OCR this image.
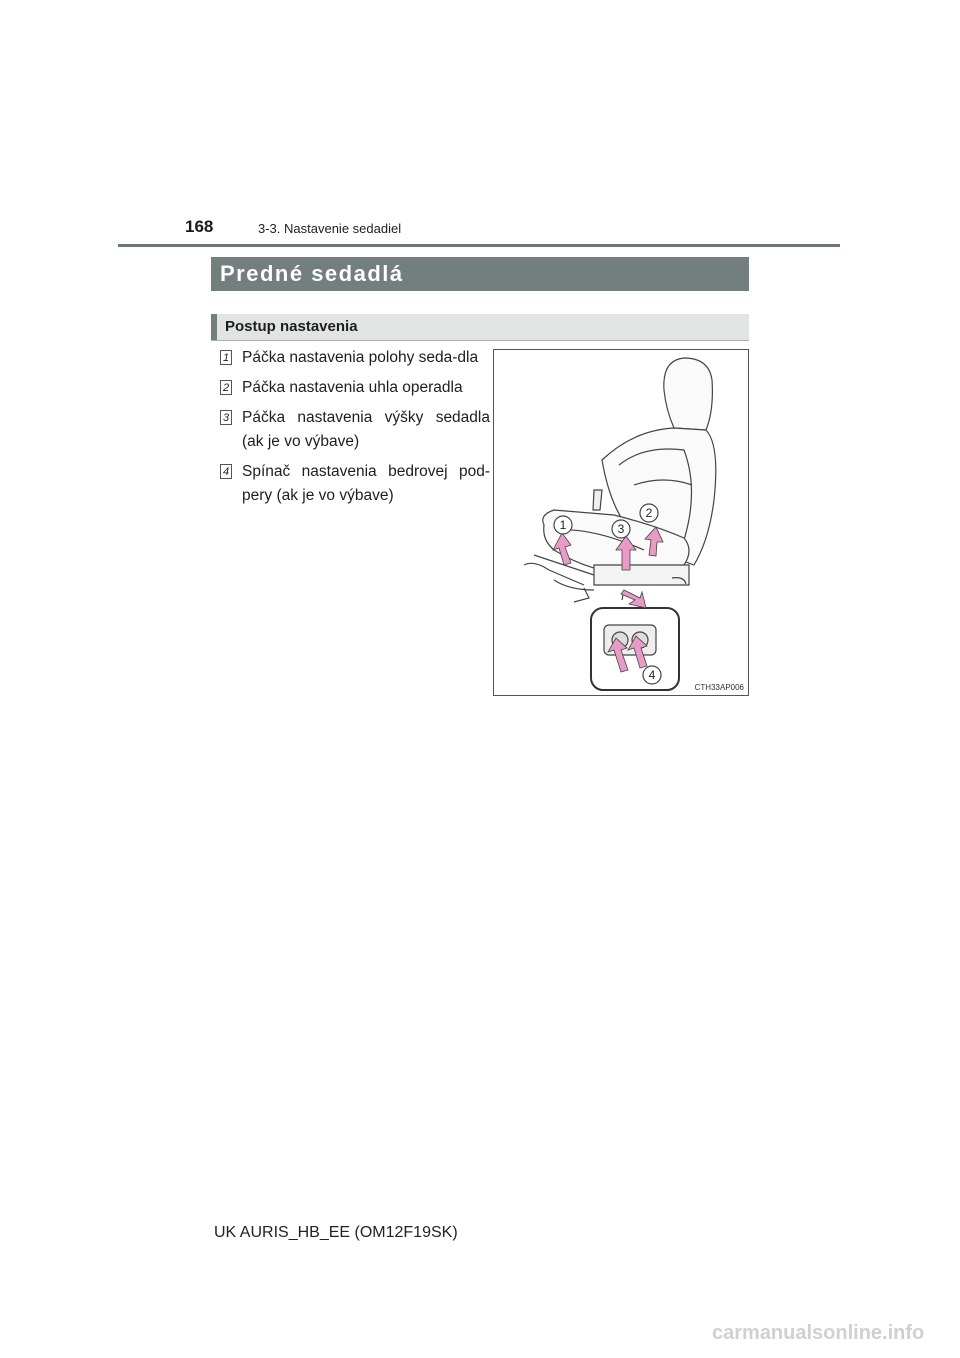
168	3-3. Nastavenie sedadiel
Predné sedadlá
Postup nastavenia
1 Páčka nastavenia polohy seda-dla
2 Páčka nastavenia uhla operadla
3 Páčka nastavenia výšky sedadla (ak je vo výbave)
4 Spínač nastavenia bedrovej pod-pery (ak je vo výbave)
1	3
2
4
CTH33AP006
UK AURIS_HB_EE (OM12F19SK)
carmanualsonline.info
